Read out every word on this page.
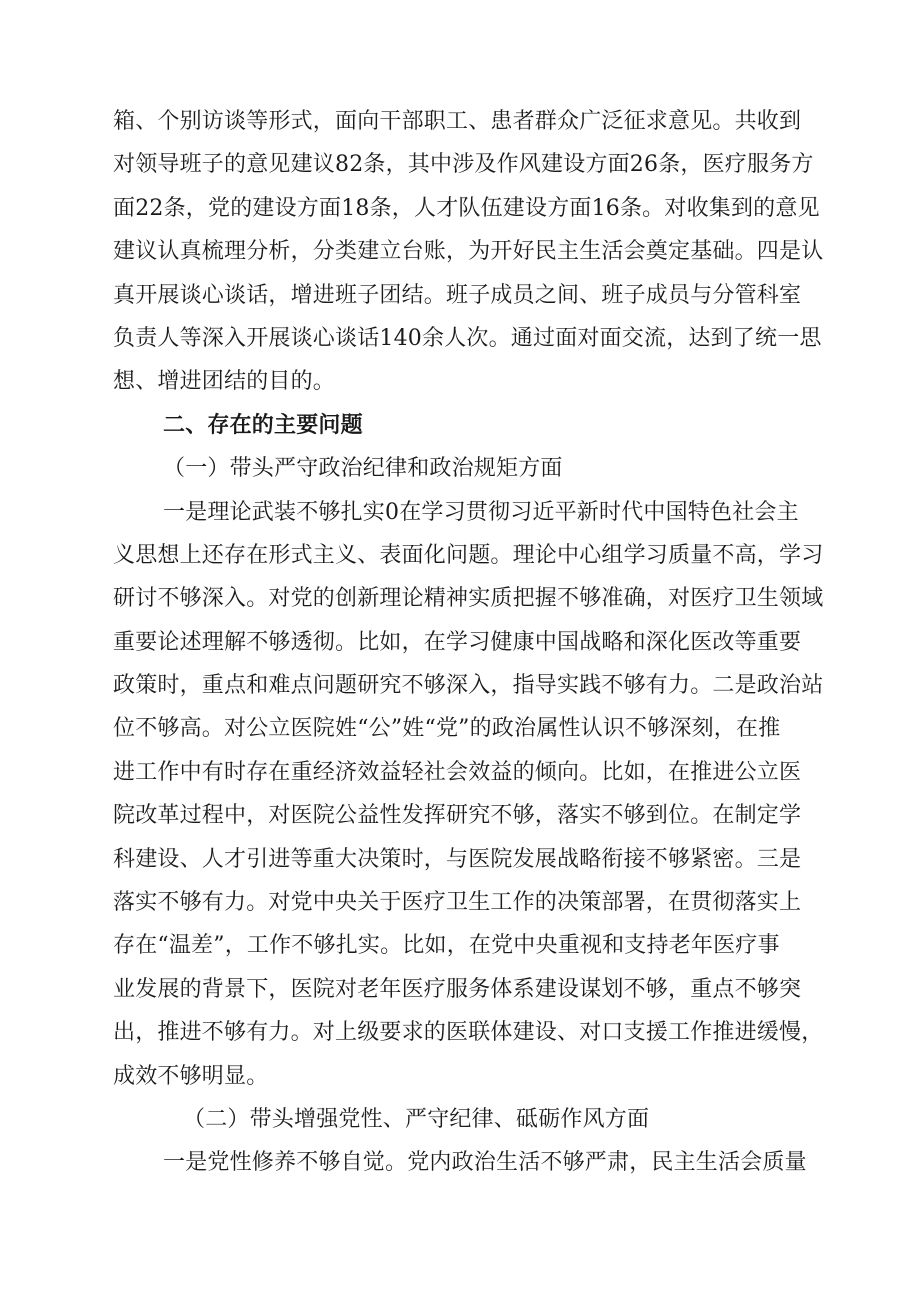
箱、个别访谈等形式，面向干部职工、患者群众广泛征求意见。共收到
对领导班子的意见建议82条，其中涉及作风建设方面26条，医疗服务方
面22条，党的建设方面18条，人才队伍建设方面16条。对收集到的意见
建议认真梳理分析，分类建立台账，为开好民主生活会奠定基础。四是认
真开展谈心谈话，增进班子团结。班子成员之间、班子成员与分管科室
负责人等深入开展谈心谈话140余人次。通过面对面交流，达到了统一思
想、增进团结的目的。
二、存在的主要问题
（一）带头严守政治纪律和政治规矩方面
一是理论武装不够扎实0在学习贯彻习近平新时代中国特色社会主
义思想上还存在形式主义、表面化问题。理论中心组学习质量不高，学习
研讨不够深入。对党的创新理论精神实质把握不够准确，对医疗卫生领域
重要论述理解不够透彻。比如，在学习健康中国战略和深化医改等重要
政策时，重点和难点问题研究不够深入，指导实践不够有力。二是政治站
位不够高。对公立医院姓“公”姓“党”的政治属性认识不够深刻，在推
进工作中有时存在重经济效益轻社会效益的倾向。比如，在推进公立医
院改革过程中，对医院公益性发挥研究不够，落实不够到位。在制定学
科建设、人才引进等重大决策时，与医院发展战略衔接不够紧密。三是
落实不够有力。对党中央关于医疗卫生工作的决策部署，在贯彻落实上
存在“温差”，工作不够扎实。比如，在党中央重视和支持老年医疗事
业发展的背景下，医院对老年医疗服务体系建设谋划不够，重点不够突
出，推进不够有力。对上级要求的医联体建设、对口支援工作推进缓慢，
成效不够明显。
（二）带头增强党性、严守纪律、砥砺作风方面
一是党性修养不够自觉。党内政治生活不够严肃，民主生活会质量
